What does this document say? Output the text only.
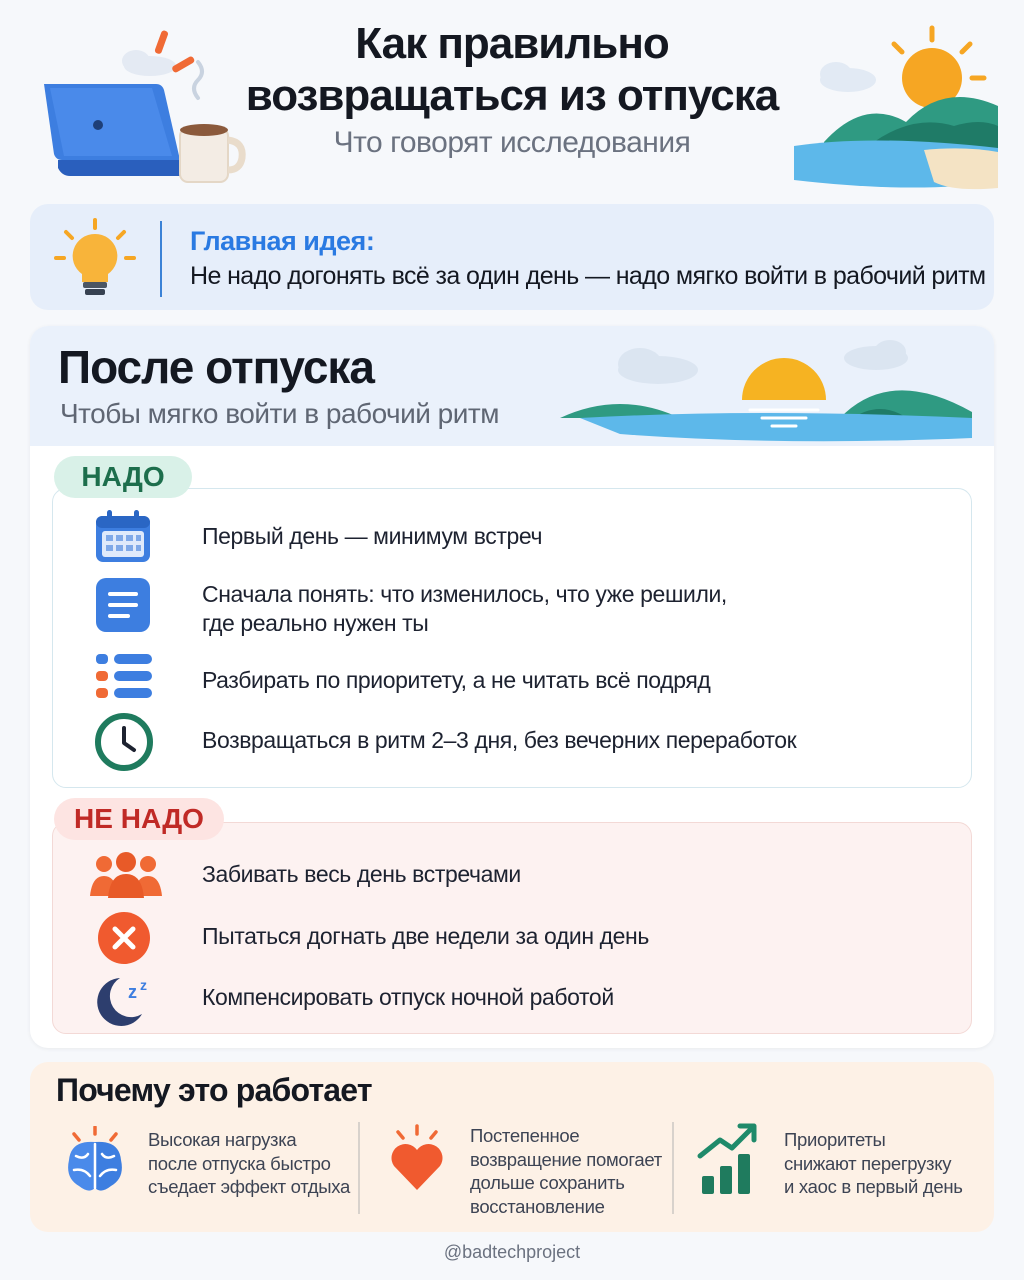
Как правильно
возвращаться из отпуска
Что говорят исследования
Главная идея:
Не надо догонять всё за один день — надо мягко войти в рабочий ритм
После отпуска
Чтобы мягко войти в рабочий ритм
НАДО
Первый день — минимум встреч
Сначала понять: что изменилось, что уже решили,
где реально нужен ты
Разбирать по приоритету, а не читать всё подряд
Возвращаться в ритм 2–3 дня, без вечерних переработок
НЕ НАДО
Забивать весь день встречами
Пытаться догнать две недели за один день
z z Компенсировать отпуск ночной работой
Почему это работает
Высокая нагрузка
после отпуска быстро
съедает эффект отдыха
Постепенное
возвращение помогает
дольше сохранить
восстановление
Приоритеты
снижают перегрузку
и хаос в первый день
@badtechproject
